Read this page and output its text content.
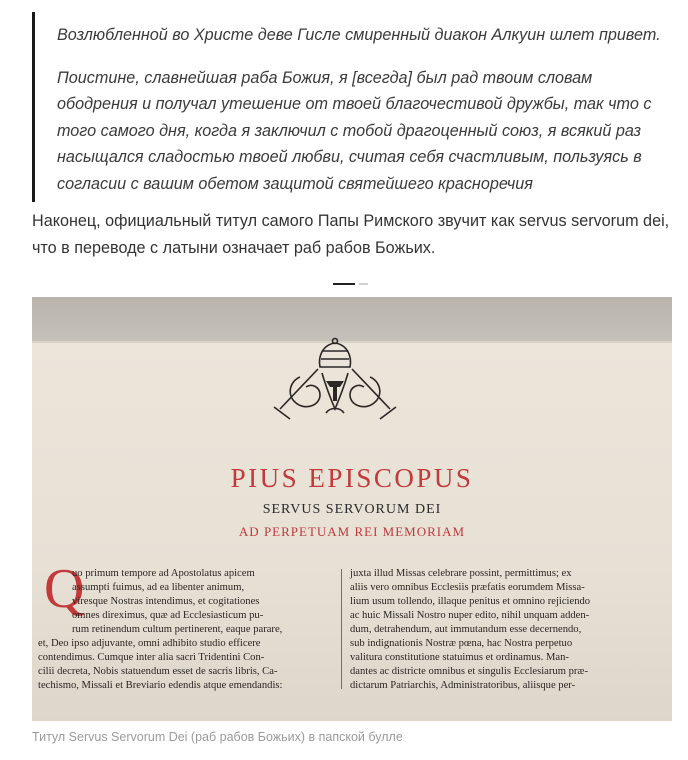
Возлюбленной во Христе деве Гисле смиренный диакон Алкуин шлет привет.

Поистине, славнейшая раба Божия, я [всегда] был рад твоим словам ободрения и получал утешение от твоей благочестивой дружбы, так что с того самого дня, когда я заключил с тобой драгоценный союз, я всякий раз насыщался сладостью твоей любви, считая себя счастливым, пользуясь в согласии с вашим обетом защитой святейшего красноречия

Наконец, официальный титул самого Папы Римского звучит как servus servorum dei, что в переводе с латыни означает раб рабов Божьих.

PIUS EPISCOPUS
SERVUS SERVORUM DEI
AD PERPETUAM REI MEMORIAM
Q
uo primum tempore ad Apostolatus apicem
assumpti fuimus, ad ea libenter animum,
viresque Nostras intendimus, et cogitationes
omnes direximus, quæ ad Ecclesiasticum pu-
rum retinendum cultum pertinerent, eaque parare,
et, Deo ipso adjuvante, omni adhibito studio efficere
contendimus. Cumque inter alia sacri Tridentini Con-
cilii decreta, Nobis statuendum esset de sacris libris, Ca-
techismo, Missali et Breviario edendis atque emendandis:
juxta illud Missas celebrare possint, permittimus; ex
aliis vero omnibus Ecclesiis præfatis eorumdem Missa-
lium usum tollendo, illaque penitus et omnino rejiciendo
ac huic Missali Nostro nuper edito, nihil unquam adden-
dum, detrahendum, aut immutandum esse decernendo,
sub indignationis Nostræ pœna, hac Nostra perpetuo
valitura constitutione statuimus et ordinamus. Man-
dantes ac districte omnibus et singulis Ecclesiarum præ-
dictarum Patriarchis, Administratoribus, aliisque per-
Титул Servus Servorum Dei (раб рабов Божьих) в папской булле
